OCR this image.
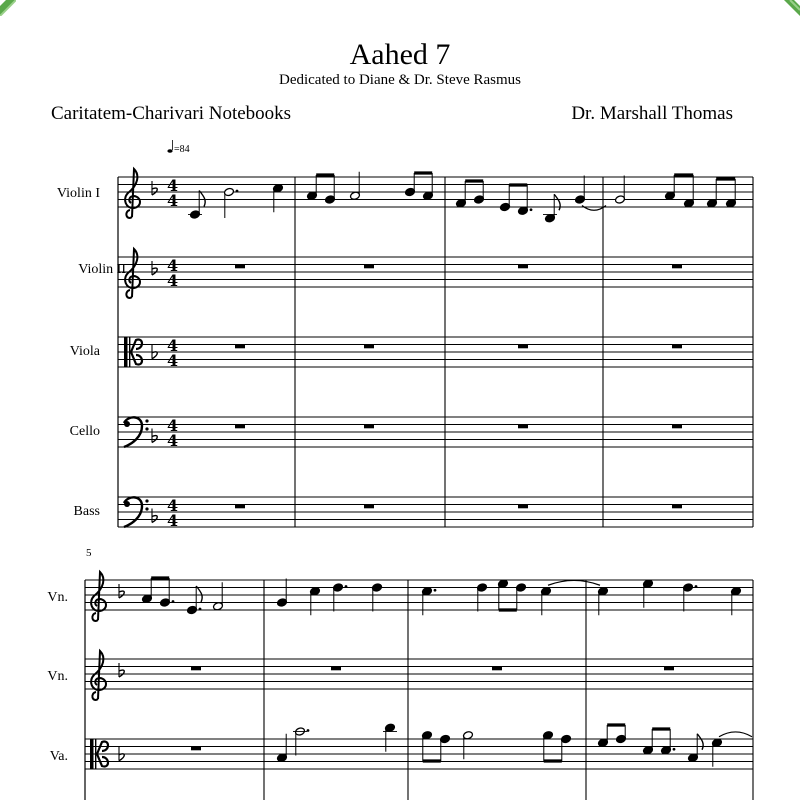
Aahed 7
Dedicated to Diane & Dr. Steve Rasmus
Caritatem-Charivari Notebooks	Dr. Marshall Thomas
Violin I
Violin II
Viola
Cello
Bass
5
Vn.
Vn.
Va.
=84
4
4
4
4
4
4
4
4
4
4
